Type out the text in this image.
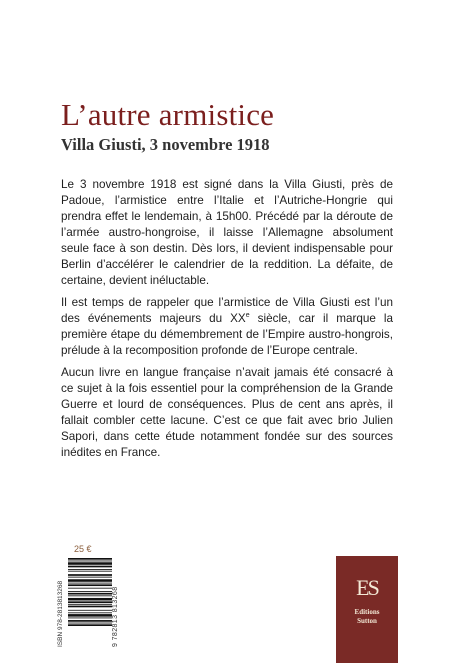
L’autre armistice
Villa Giusti, 3 novembre 1918

Le 3 novembre 1918 est signé dans la Villa Giusti, près de Padoue, l’armistice entre l’Italie et l’Autriche-Hongrie qui prendra effet le lendemain, à 15h00. Précédé par la déroute de l’armée austro-hongroise, il laisse l’Allemagne absolument seule face à son destin. Dès lors, il devient indispensable pour Berlin d’accélérer le calendrier de la reddition. La défaite, de certaine, devient inéluctable.

Il est temps de rappeler que l’armistice de Villa Giusti est l’un des événements majeurs du XXe siècle, car il marque la première étape du démembrement de l’Empire austro-hongrois, prélude à la recomposition profonde de l’Europe centrale.

Aucun livre en langue française n’avait jamais été consacré à ce sujet à la fois essentiel pour la compréhension de la Grande Guerre et lourd de conséquences. Plus de cent ans après, il fallait combler cette lacune. C’est ce que fait avec brio Julien Sapori, dans cette étude notamment fondée sur des sources inédites en France.

25 €
ISBN 978-2813813268	9 782813 813268	ES
Editions
Sutton
